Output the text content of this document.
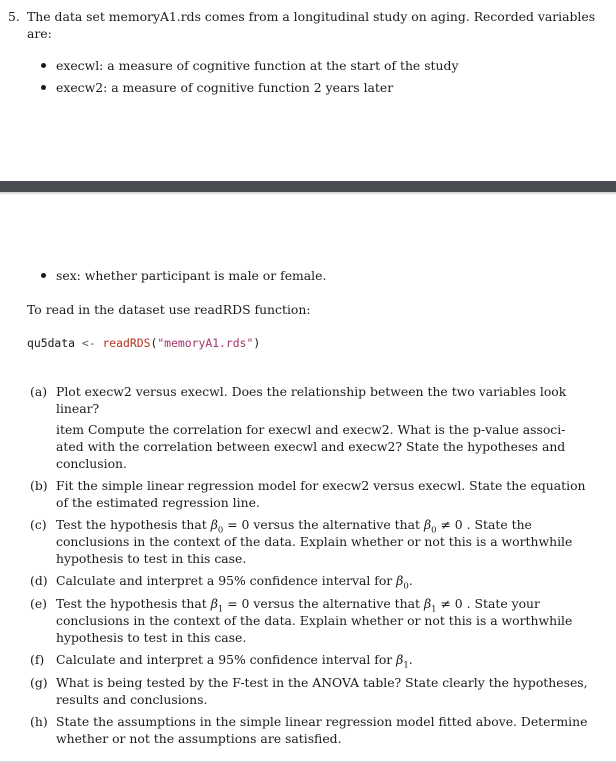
5. The data set memoryA1.rds comes from a longitudinal study on aging. Recorded variables
are:
execwl: a measure of cognitive function at the start of the study
execw2: a measure of cognitive function 2 years later
sex: whether participant is male or female.
To read in the dataset use readRDS function:
qu5data <- readRDS("memoryA1.rds")
(a) Plot execw2 versus execwl. Does the relationship between the two variables look
linear?
item Compute the correlation for execwl and execw2. What is the p-value associ-
ated with the correlation between execwl and execw2? State the hypotheses and
conclusion.
(b) Fit the simple linear regression model for execw2 versus execwl. State the equation
of the estimated regression line.
(c) Test the hypothesis that $\beta_0 = 0$ versus the alternative that $\beta_0 \ne 0$ . State the
conclusions in the context of the data. Explain whether or not this is a worthwhile
hypothesis to test in this case.
(d) Calculate and interpret a 95% confidence interval for $\beta_0$.
(e) Test the hypothesis that $\beta_1 = 0$ versus the alternative that $\beta_1 \ne 0$ . State your
conclusions in the context of the data. Explain whether or not this is a worthwhile
hypothesis to test in this case.
(f) Calculate and interpret a 95% confidence interval for $\beta_1$.
(g) What is being tested by the F-test in the ANOVA table? State clearly the hypotheses,
results and conclusions.
(h) State the assumptions in the simple linear regression model fitted above. Determine
whether or not the assumptions are satisfied.
